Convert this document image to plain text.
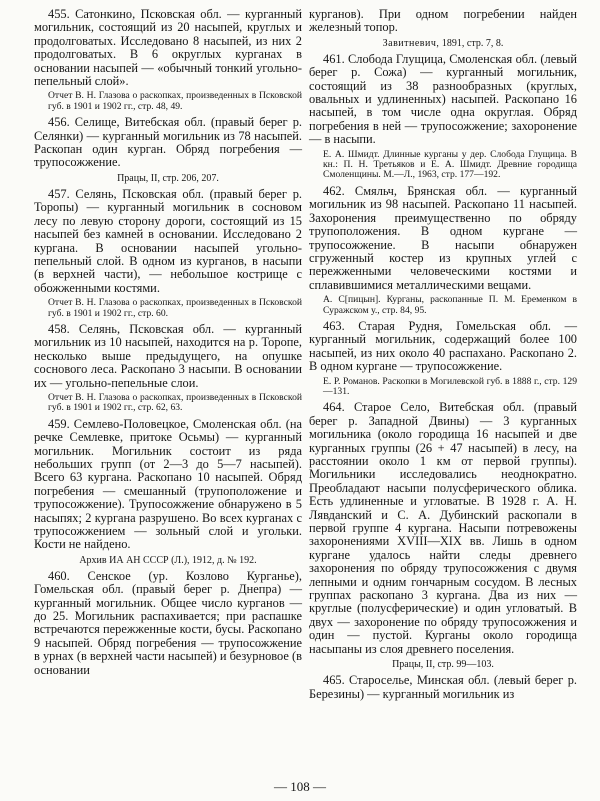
455. Сатонкино, Псковская обл. — курганный могильник, состоящий из 20 насыпей, круглых и продолговатых. Исследовано 8 насыпей, из них 2 продолговатых. В 6 округлых курганах в основании насыпей — «обычный тонкий угольно-пепельный слой».

Отчет В. Н. Глазова о раскопках, произведенных в Псковской губ. в 1901 и 1902 гг., стр. 48, 49.

456. Селище, Витебская обл. (правый берег р. Селянки) — курганный могильник из 78 насыпей. Раскопан один курган. Обряд погребения — трупосожжение.

Працы, II, стр. 206, 207.

457. Селянь, Псковская обл. (правый берег р. Торопы) — курганный могильник в сосновом лесу по левую сторону дороги, состоящий из 15 насыпей без камней в основании. Исследовано 2 кургана. В основании насыпей угольно-пепельный слой. В одном из курганов, в насыпи (в верхней части), — небольшое кострище с обожженными костями.

Отчет В. Н. Глазова о раскопках, произведенных в Псковской губ. в 1901 и 1902 гг., стр. 60.

458. Селянь, Псковская обл. — курганный могильник из 10 насыпей, находится на р. Торопе, несколько выше предыдущего, на опушке соснового леса. Раскопано 3 насыпи. В основании их — угольно-пепельные слои.

Отчет В. Н. Глазова о раскопках, произведенных в Псковской губ. в 1901 и 1902 гг., стр. 62, 63.

459. Семлево-Половецкое, Смоленская обл. (на речке Семлевке, притоке Осьмы) — курганный могильник. Могильник состоит из ряда небольших групп (от 2—3 до 5—7 насыпей). Всего 63 кургана. Раскопано 10 насыпей. Обряд погребения — смешанный (трупоположение и трупосожжение). Трупосожжение обнаружено в 5 насыпях; 2 кургана разрушено. Во всех курганах с трупосожжением — зольный слой и угольки. Кости не найдено.

Архив ИА АН СССР (Л.), 1912, д. № 192.

460. Сенское (ур. Козлово Курганье), Гомельская обл. (правый берег р. Днепра) — курганный могильник. Общее число курганов — до 25. Могильник распахивается; при распашке встречаются пережженные кости, бусы. Раскопано 9 насыпей. Обряд погребения — трупосожжение в урнах (в верхней части насыпей) и безурновое (в основании

курганов). При одном погребении найден железный топор.

Завитневич, 1891, стр. 7, 8.

461. Слобода Глущица, Смоленская обл. (левый берег р. Сожа) — курганный могильник, состоящий из 38 разнообразных (круглых, овальных и удлиненных) насыпей. Раскопано 16 насыпей, в том числе одна округлая. Обряд погребения в ней — трупосожжение; захоронение — в насыпи.

Е. А. Шмидт. Длинные курганы у дер. Слобода Глущица. В кн.: П. Н. Третьяков и Е. А. Шмидт. Древние городища Смоленщины. М.—Л., 1963, стр. 177—192.

462. Смяльч, Брянская обл. — курганный могильник из 98 насыпей. Раскопано 11 насыпей. Захоронения преимущественно по обряду трупоположения. В одном кургане — трупосожжение. В насыпи обнаружен сгруженный костер из крупных углей с пережженными человеческими костями и сплавившимися металлическими вещами.

А. С[пицын]. Курганы, раскопанные П. М. Еременком в Суражском у., стр. 84, 95.

463. Старая Рудня, Гомельская обл. — курганный могильник, содержащий более 100 насыпей, из них около 40 распахано. Раскопано 2. В одном кургане — трупосожжение.

Е. Р. Романов. Раскопки в Могилевской губ. в 1888 г., стр. 129—131.

464. Старое Село, Витебская обл. (правый берег р. Западной Двины) — 3 курганных могильника (около городища 16 насыпей и две курганных группы (26 + 47 насыпей) в лесу, на расстоянии около 1 км от первой группы). Могильники исследовались неоднократно. Преобладают насыпи полусферического облика. Есть удлиненные и угловатые. В 1928 г. А. Н. Лявданский и С. А. Дубинский раскопали в первой группе 4 кургана. Насыпи потревожены захоронениями XVIII—XIX вв. Лишь в одном кургане удалось найти следы древнего захоронения по обряду трупосожжения с двумя лепными и одним гончарным сосудом. В лесных группах раскопано 3 кургана. Два из них — круглые (полусферические) и один угловатый. В двух — захоронение по обряду трупосожжения и один — пустой. Курганы около городища насыпаны из слоя древнего поселения.

Працы, II, стр. 99—103.

465. Старосельe, Минская обл. (левый берег р. Березины) — курганный могильник из

— 108 —
